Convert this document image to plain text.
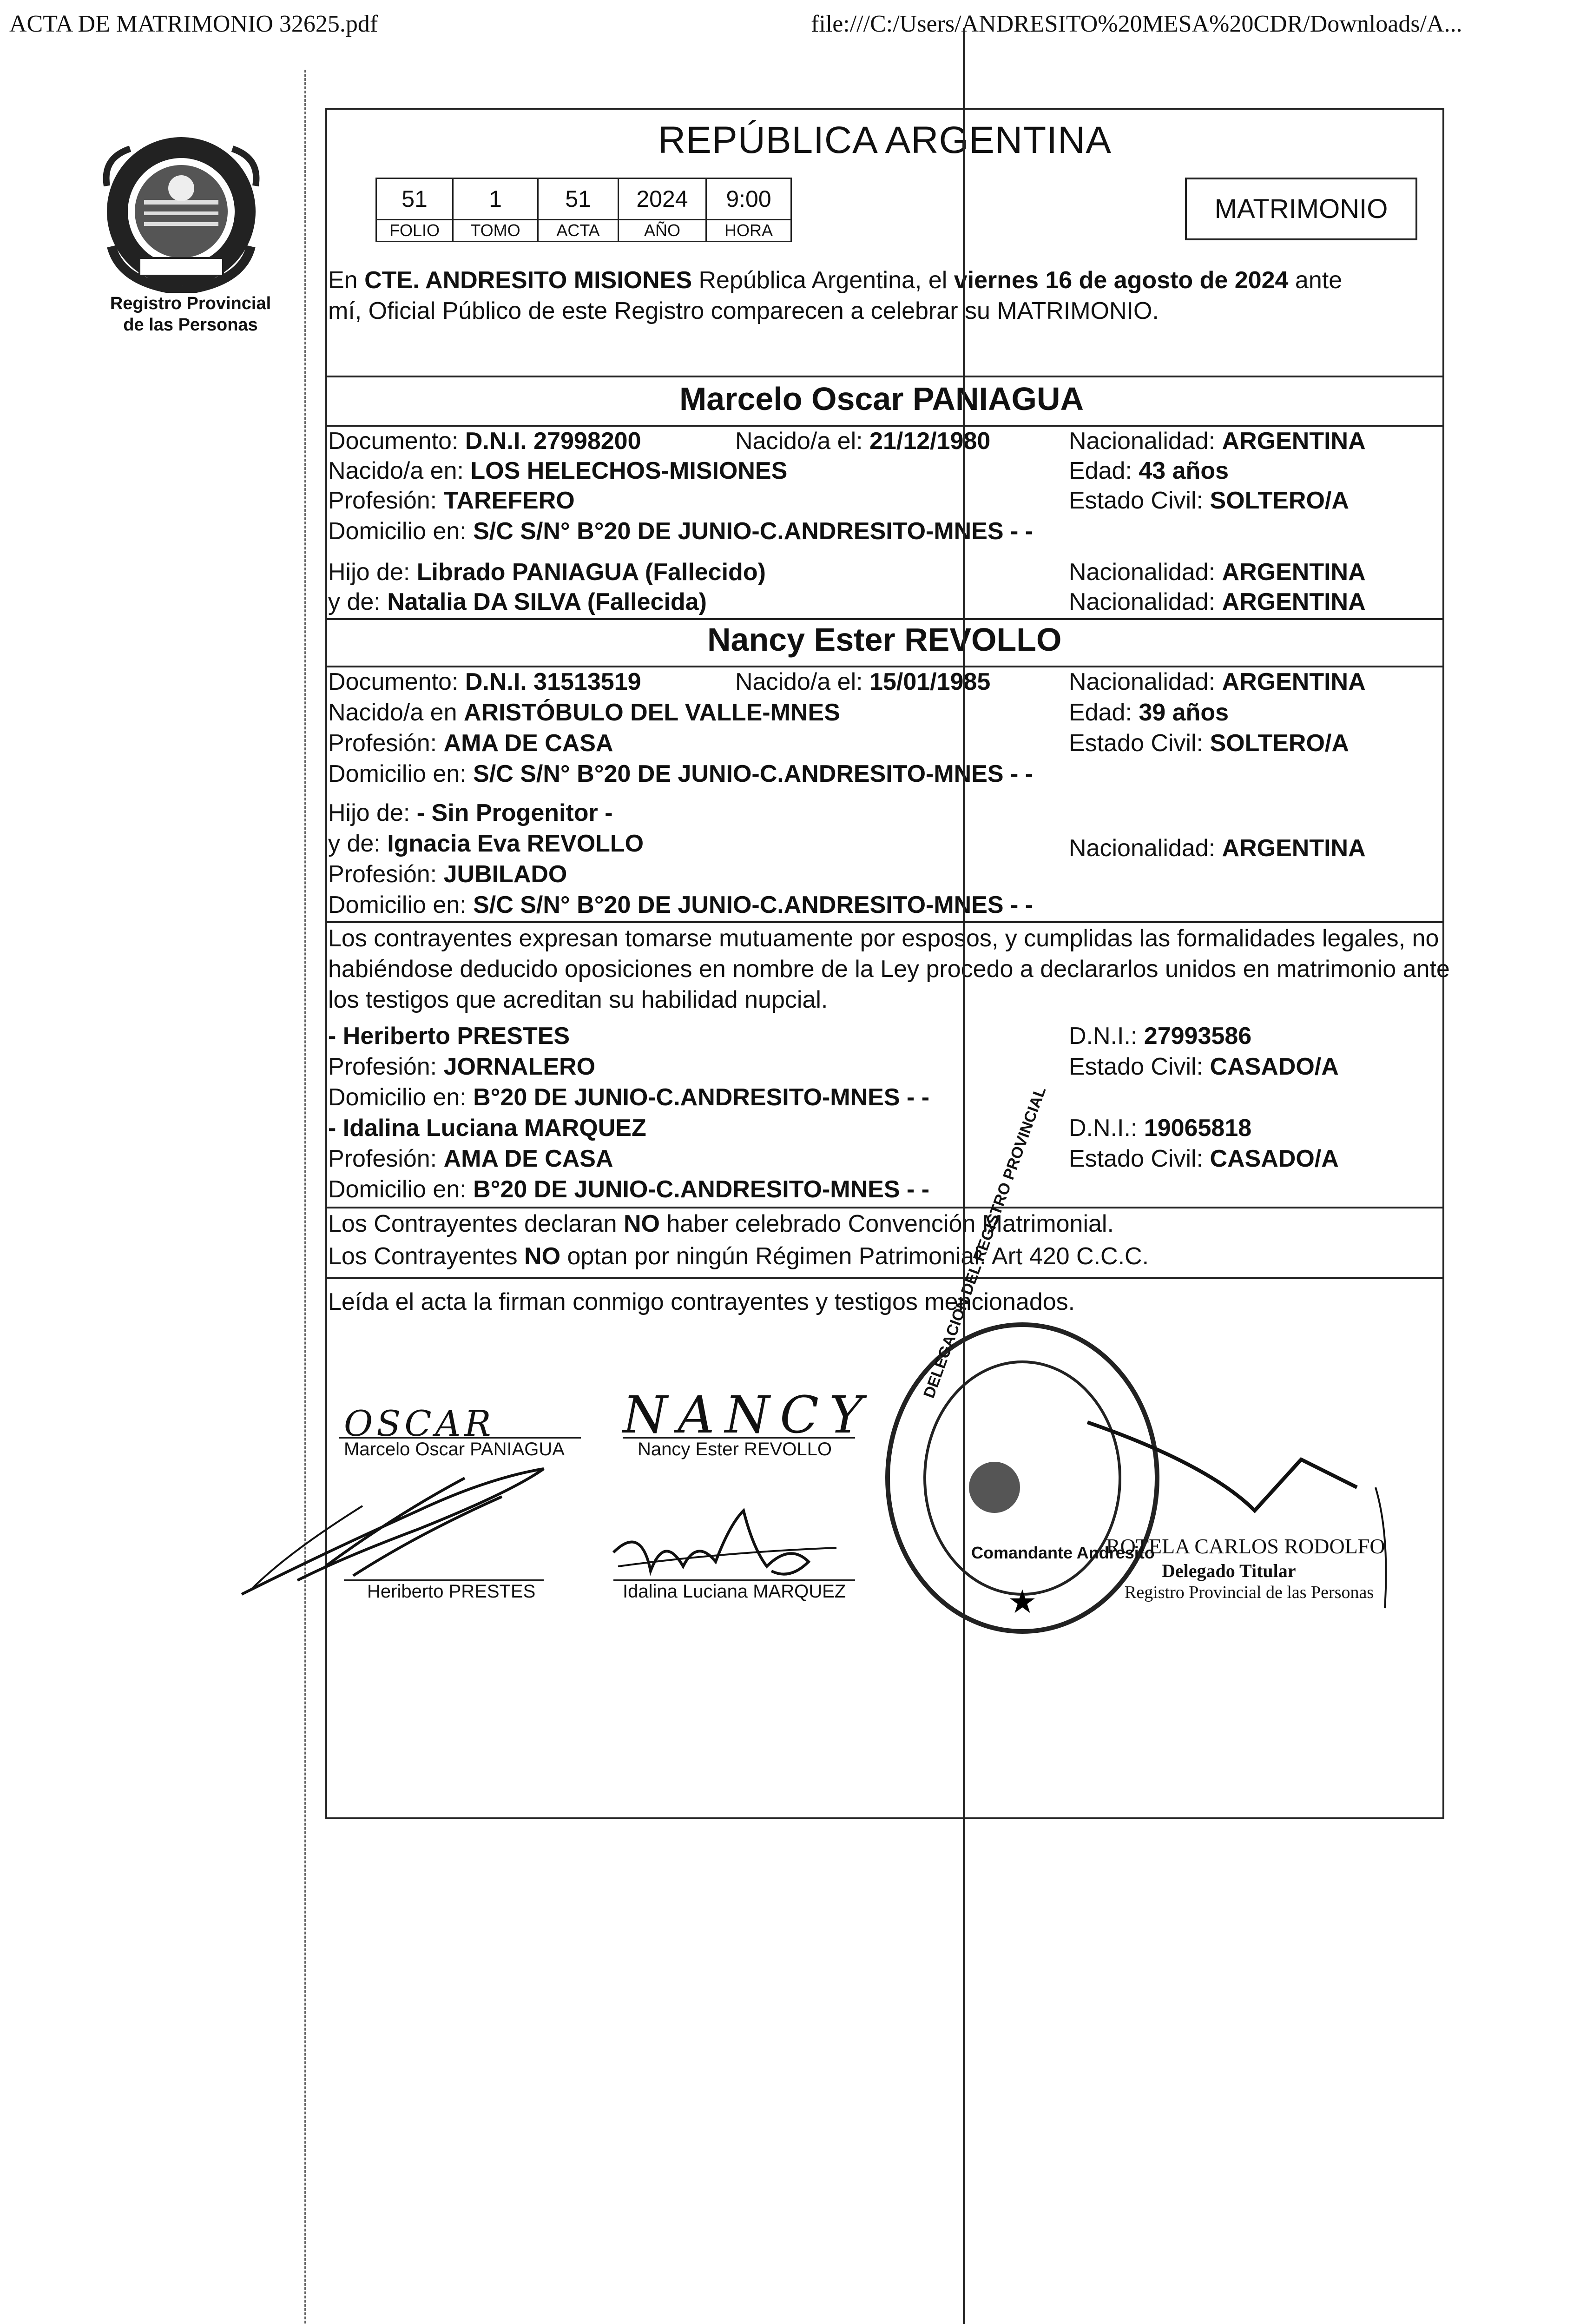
ACTA DE MATRIMONIO 32625.pdf	file:///C:/Users/ANDRESITO%20MESA%20CDR/Downloads/A...
Registro Provincial
de las Personas
REPÚBLICA ARGENTINA
51	1	51	2024	9:00
FOLIO	TOMO	ACTA	AÑO	HORA
MATRIMONIO
En CTE. ANDRESITO MISIONES República Argentina, el viernes 16 de agosto de 2024 ante
mí, Oficial Público de este Registro comparecen a celebrar su MATRIMONIO.
Marcelo Oscar PANIAGUA
Documento: D.N.I. 27998200	Nacido/a el: 21/12/1980	Nacionalidad: ARGENTINA
Nacido/a en: LOS HELECHOS-MISIONES	Edad: 43 años
Profesión: TAREFERO	Estado Civil: SOLTERO/A
Domicilio en: S/C S/N° B°20 DE JUNIO-C.ANDRESITO-MNES - -
Hijo de: Librado PANIAGUA (Fallecido)	Nacionalidad: ARGENTINA
y de: Natalia DA SILVA (Fallecida)	Nacionalidad: ARGENTINA
Nancy Ester REVOLLO
Documento: D.N.I. 31513519	Nacido/a el: 15/01/1985	Nacionalidad: ARGENTINA
Nacido/a en ARISTÓBULO DEL VALLE-MNES	Edad: 39 años
Profesión: AMA DE CASA	Estado Civil: SOLTERO/A
Domicilio en: S/C S/N° B°20 DE JUNIO-C.ANDRESITO-MNES - -
Hijo de: - Sin Progenitor -
y de: Ignacia Eva REVOLLO	Nacionalidad: ARGENTINA
Profesión: JUBILADO
Domicilio en: S/C S/N° B°20 DE JUNIO-C.ANDRESITO-MNES - -
Los contrayentes expresan tomarse mutuamente por esposos, y cumplidas las formalidades legales, no
habiéndose deducido oposiciones en nombre de la Ley procedo a declararlos unidos en matrimonio ante
los testigos que acreditan su habilidad nupcial.
- Heriberto PRESTES	D.N.I.: 27993586
Profesión: JORNALERO	Estado Civil: CASADO/A
Domicilio en: B°20 DE JUNIO-C.ANDRESITO-MNES - -
- Idalina Luciana MARQUEZ	D.N.I.: 19065818
Profesión: AMA DE CASA	Estado Civil: CASADO/A
Domicilio en: B°20 DE JUNIO-C.ANDRESITO-MNES - -
Los Contrayentes declaran NO haber celebrado Convención Matrimonial.
Los Contrayentes NO optan por ningún Régimen Patrimonial. Art 420 C.C.C.
Leída el acta la firman conmigo contrayentes y testigos mencionados.
OSCAR
Marcelo Oscar PANIAGUA
NANCY
Nancy Ester REVOLLO
Heriberto PRESTES	Idalina Luciana MARQUEZ	★
DELEGACION DEL REGISTRO PROVINCIAL
Comandante Andresito
ROTELA CARLOS RODOLFO
Delegado Titular
Registro Provincial de las Personas
